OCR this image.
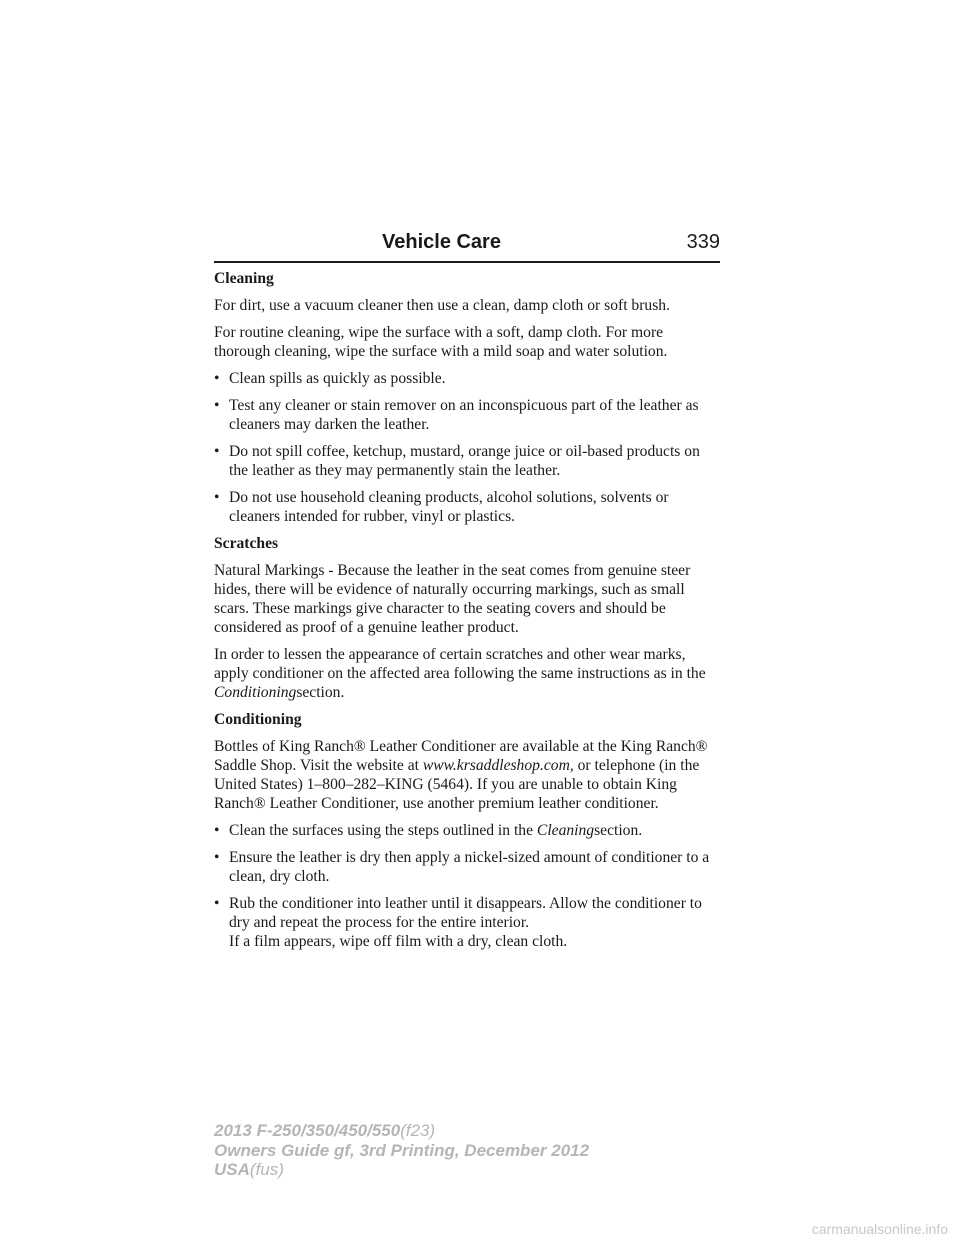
Vehicle Care	339
Cleaning

For dirt, use a vacuum cleaner then use a clean, damp cloth or soft brush.

For routine cleaning, wipe the surface with a soft, damp cloth. For more thorough cleaning, wipe the surface with a mild soap and water solution.

• Clean spills as quickly as possible.
• Test any cleaner or stain remover on an inconspicuous part of the leather as cleaners may darken the leather.
• Do not spill coffee, ketchup, mustard, orange juice or oil-based products on the leather as they may permanently stain the leather.
• Do not use household cleaning products, alcohol solutions, solvents or cleaners intended for rubber, vinyl or plastics.
Scratches

Natural Markings - Because the leather in the seat comes from genuine steer hides, there will be evidence of naturally occurring markings, such as small scars. These markings give character to the seating covers and should be considered as proof of a genuine leather product.

In order to lessen the appearance of certain scratches and other wear marks, apply conditioner on the affected area following the same instructions as in the Conditioningsection.

Conditioning

Bottles of King Ranch® Leather Conditioner are available at the King Ranch® Saddle Shop. Visit the website at www.krsaddleshop.com, or telephone (in the United States) 1–800–282–KING (5464). If you are unable to obtain King Ranch® Leather Conditioner, use another premium leather conditioner.

• Clean the surfaces using the steps outlined in the Cleaningsection.
• Ensure the leather is dry then apply a nickel-sized amount of conditioner to a clean, dry cloth.
• Rub the conditioner into leather until it disappears. Allow the conditioner to dry and repeat the process for the entire interior.
If a film appears, wipe off film with a dry, clean cloth.
2013 F-250/350/450/550(f23)
Owners Guide gf, 3rd Printing, December 2012
USA(fus)
carmanualsonline.info
